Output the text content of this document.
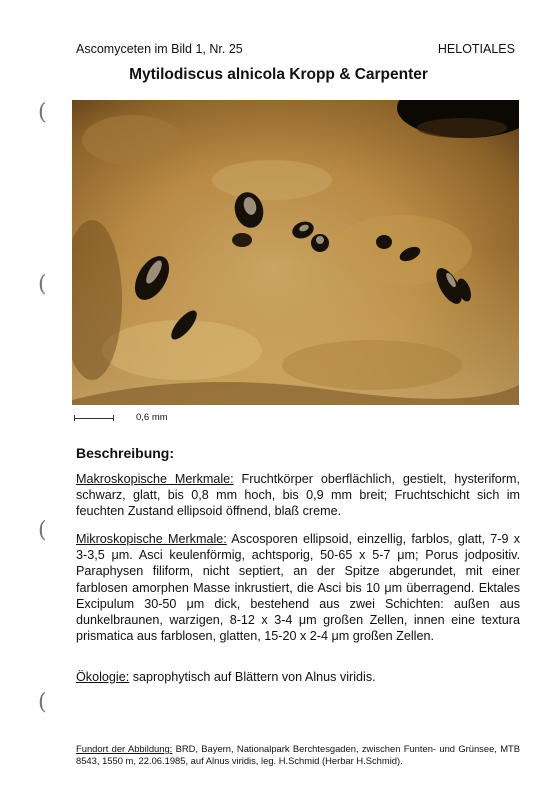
(
(
(
(
Ascomyceten im Bild 1, Nr. 25	HELOTIALES
Mytilodiscus alnicola Kropp & Carpenter
0,6 mm
Beschreibung:
Makroskopische Merkmale: Fruchtkörper oberflächlich, gestielt, hysteriform, schwarz, glatt, bis 0,8 mm hoch, bis 0,9 mm breit; Fruchtschicht sich im feuchten Zustand ellipsoid öffnend, blaß creme.
Mikroskopische Merkmale: Ascosporen ellipsoid, einzellig, farblos, glatt, 7-9 x 3-3,5 μm. Asci keulenförmig, achtsporig, 50-65 x 5-7 μm; Porus jodpositiv. Paraphysen filiform, nicht septiert, an der Spitze abgerundet, mit einer farblosen amorphen Masse inkrustiert, die Asci bis 10 μm überragend. Ektales Excipulum 30-50 μm dick, bestehend aus zwei Schichten: außen aus dunkelbraunen, warzigen, 8-12 x 3-4 μm großen Zellen, innen eine textura prismatica aus farblosen, glatten, 15-20 x 2-4 μm großen Zellen.
Ökologie: saprophytisch auf Blättern von Alnus viridis.
Fundort der Abbildung: BRD, Bayern, Nationalpark Berchtesgaden, zwischen Funten- und Grünsee, MTB 8543, 1550 m, 22.06.1985, auf Alnus viridis, leg. H.Schmid (Herbar H.Schmid).
